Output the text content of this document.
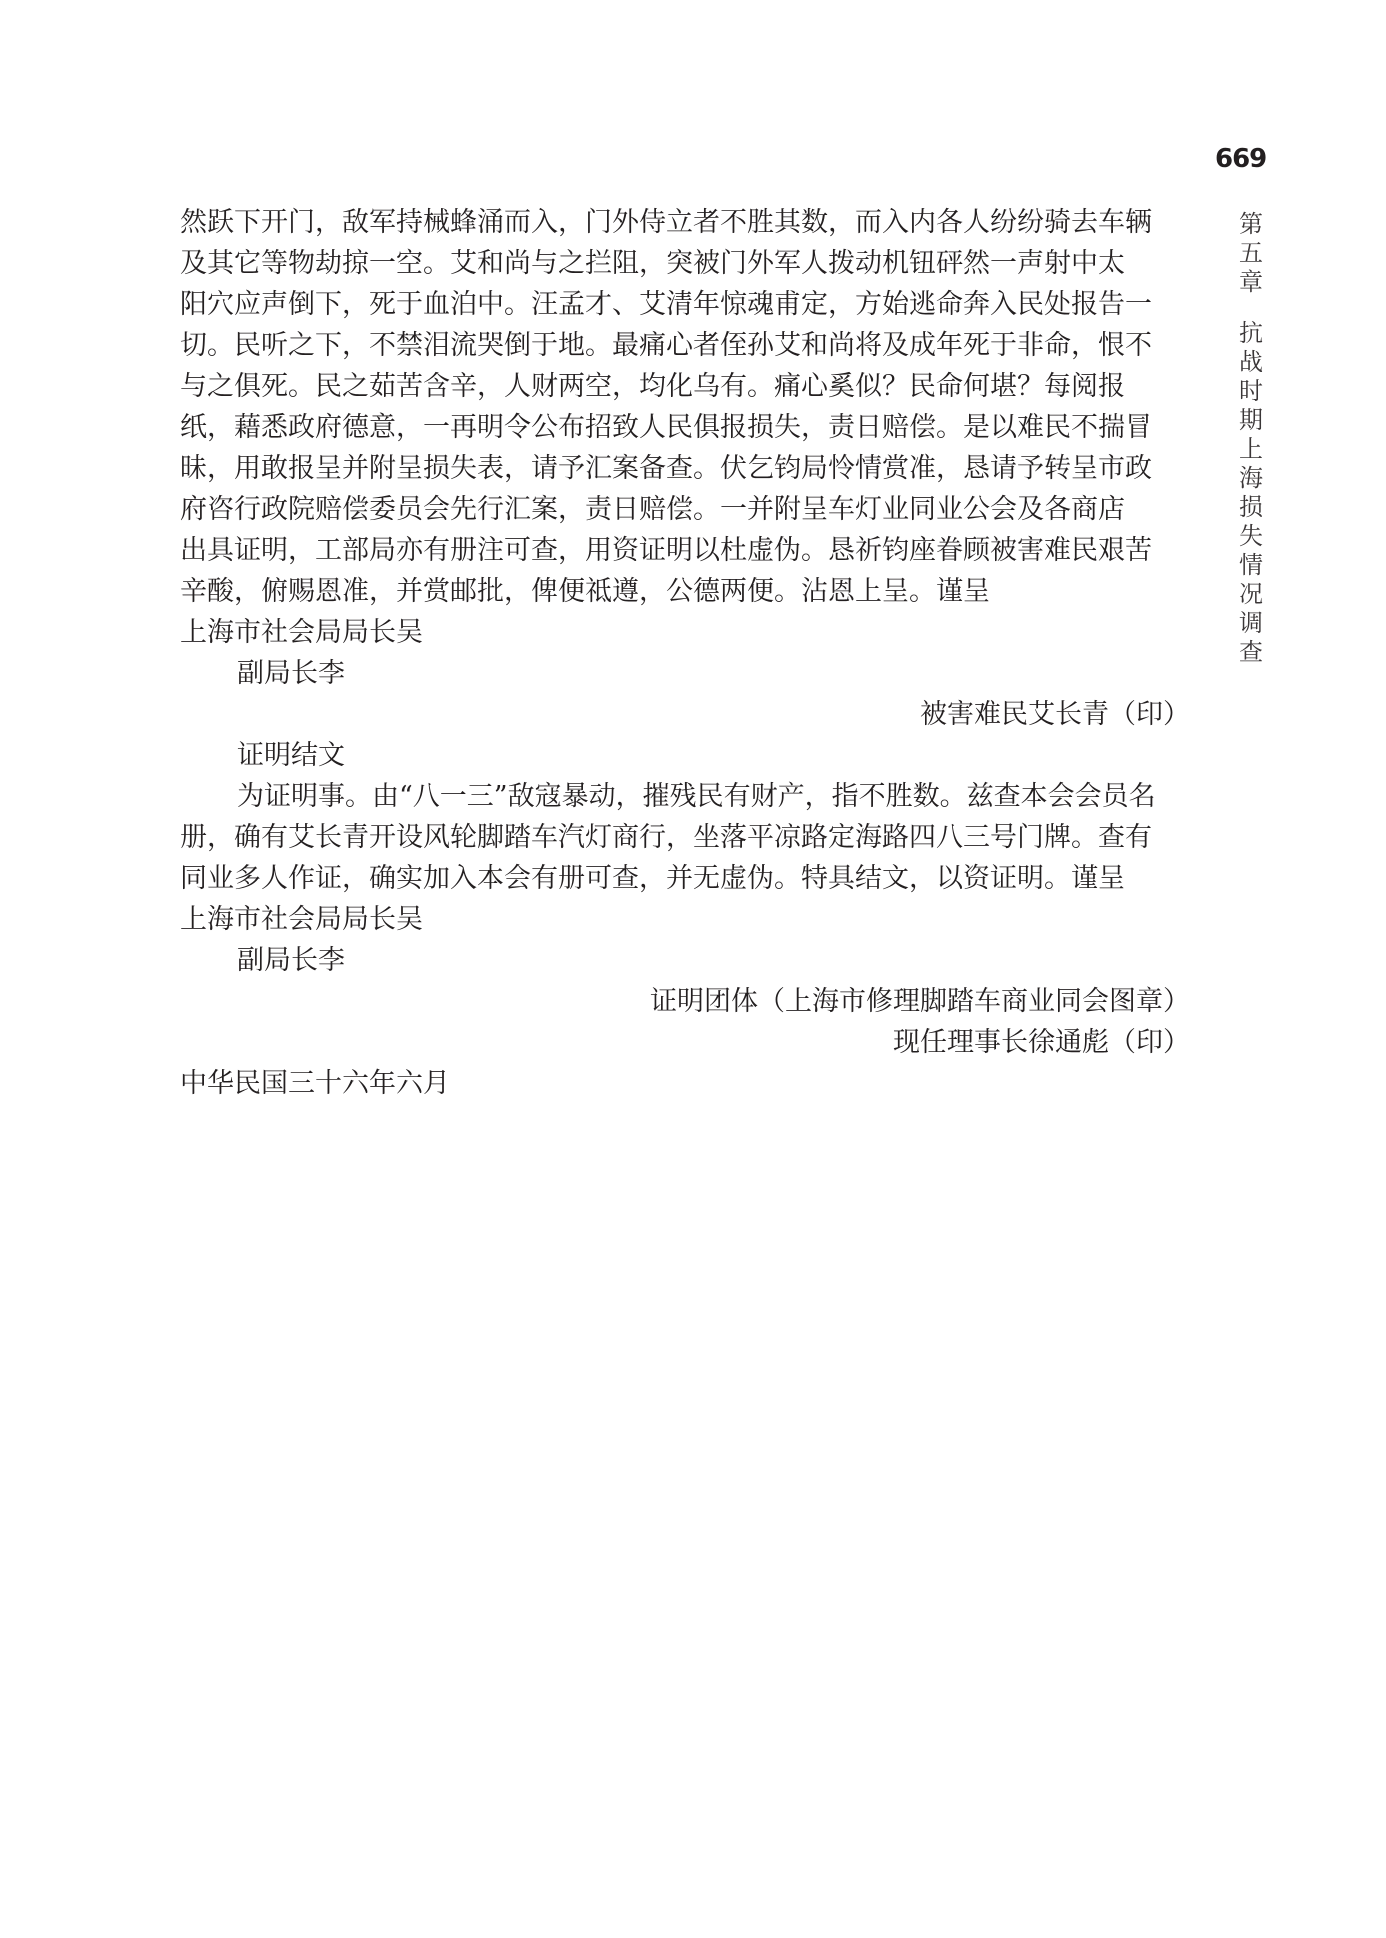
669
第
五
章
抗
战
时
期
上
海
损
失
情
况
调
查

然跃下开门，敌军持械蜂涌而入，门外侍立者不胜其数，而入内各人纷纷骑去车辆

及其它等物劫掠一空。艾和尚与之拦阻，突被门外军人拨动机钮砰然一声射中太

阳穴应声倒下，死于血泊中。汪孟才、艾清年惊魂甫定，方始逃命奔入民处报告一

切。民听之下，不禁泪流哭倒于地。最痛心者侄孙艾和尚将及成年死于非命，恨不

与之俱死。民之茹苦含辛，人财两空，均化乌有。痛心奚似？民命何堪？每阅报

纸，藉悉政府德意，一再明令公布招致人民俱报损失，责日赔偿。是以难民不揣冒

昧，用敢报呈并附呈损失表，请予汇案备查。伏乞钧局怜情赏准，恳请予转呈市政

府咨行政院赔偿委员会先行汇案，责日赔偿。一并附呈车灯业同业公会及各商店

出具证明，工部局亦有册注可查，用资证明以杜虚伪。恳祈钧座眷顾被害难民艰苦

辛酸，俯赐恩准，并赏邮批，俾便祗遵，公德两便。沾恩上呈。谨呈

上海市社会局局长吴

副局长李

被害难民艾长青（印）

证明结文

为证明事。由“八一三”敌寇暴动，摧残民有财产，指不胜数。兹查本会会员名

册，确有艾长青开设风轮脚踏车汽灯商行，坐落平凉路定海路四八三号门牌。查有

同业多人作证，确实加入本会有册可查，并无虚伪。特具结文，以资证明。谨呈

上海市社会局局长吴

副局长李

证明团体（上海市修理脚踏车商业同会图章）

现任理事长徐通彪（印）

中华民国三十六年六月
